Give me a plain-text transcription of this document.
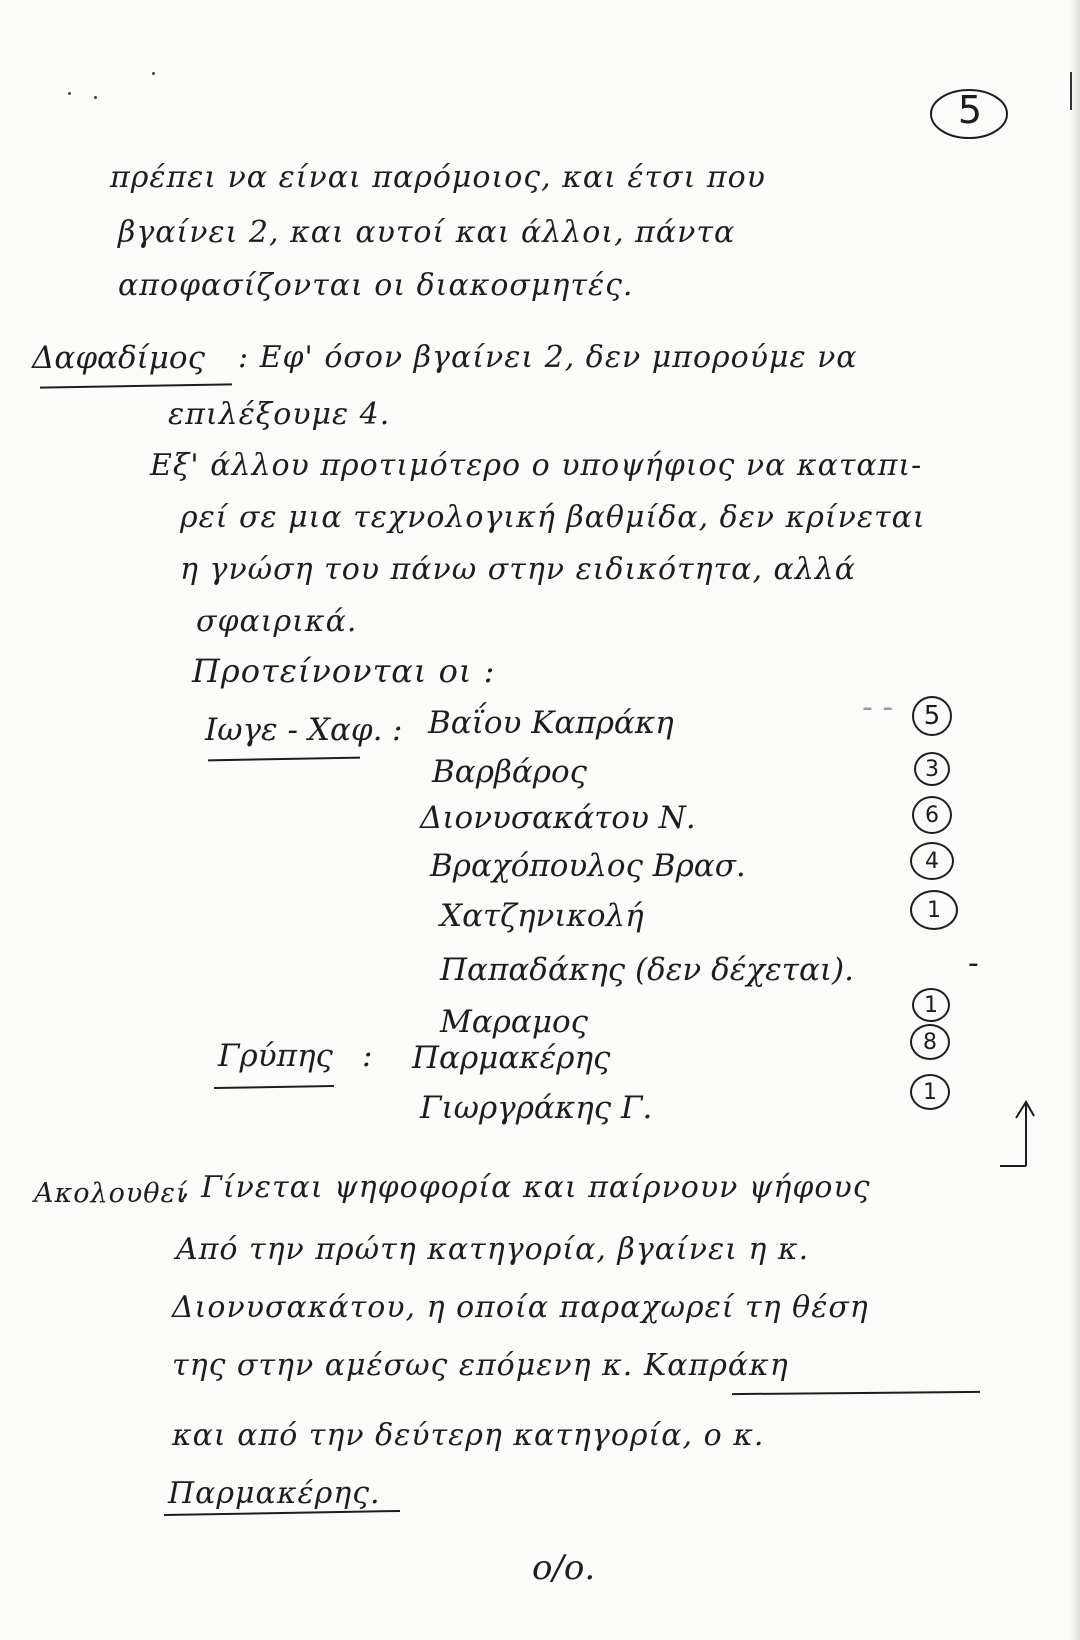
5
πρέπει να είναι παρόμοιος, και έτσι που
βγαίνει 2, και αυτοί και άλλοι, πάντα
αποφασίζονται οι διακοσμητές.
Δαφαδίμος : Εφ' όσον βγαίνει 2, δεν μπορούμε να
επιλέξουμε 4.
Εξ' άλλου προτιμότερο ο υποψήφιος να καταπι-
ρεί σε μια τεχνολογική βαθμίδα, δεν κρίνεται
η γνώση του πάνω στην ειδικότητα, αλλά
σφαιρικά.
Προτείνονται οι :
Ιωγε - Χαφ. : Βαΐου Καπράκη	- -	5
Βαρβάρος	3
Διονυσακάτου Ν.	6
Βραχόπουλος Βρασ.	4
Χατζηνικολή	1
Παπαδάκης (δεν δέχεται).	-
Μαραμος	1
Γρύπης : Παρμακέρης	8
Γιωργράκης Γ.	1
Ακολουθεί
, Γίνεται ψηφοφορία και παίρνουν ψήφους
Από την πρώτη κατηγορία, βγαίνει η κ.
Διονυσακάτου, η οποία παραχωρεί τη θέση
της στην αμέσως επόμενη κ. Καπράκη
και από την δεύτερη κατηγορία, ο κ.
Παρμακέρης.
ο/ο.
